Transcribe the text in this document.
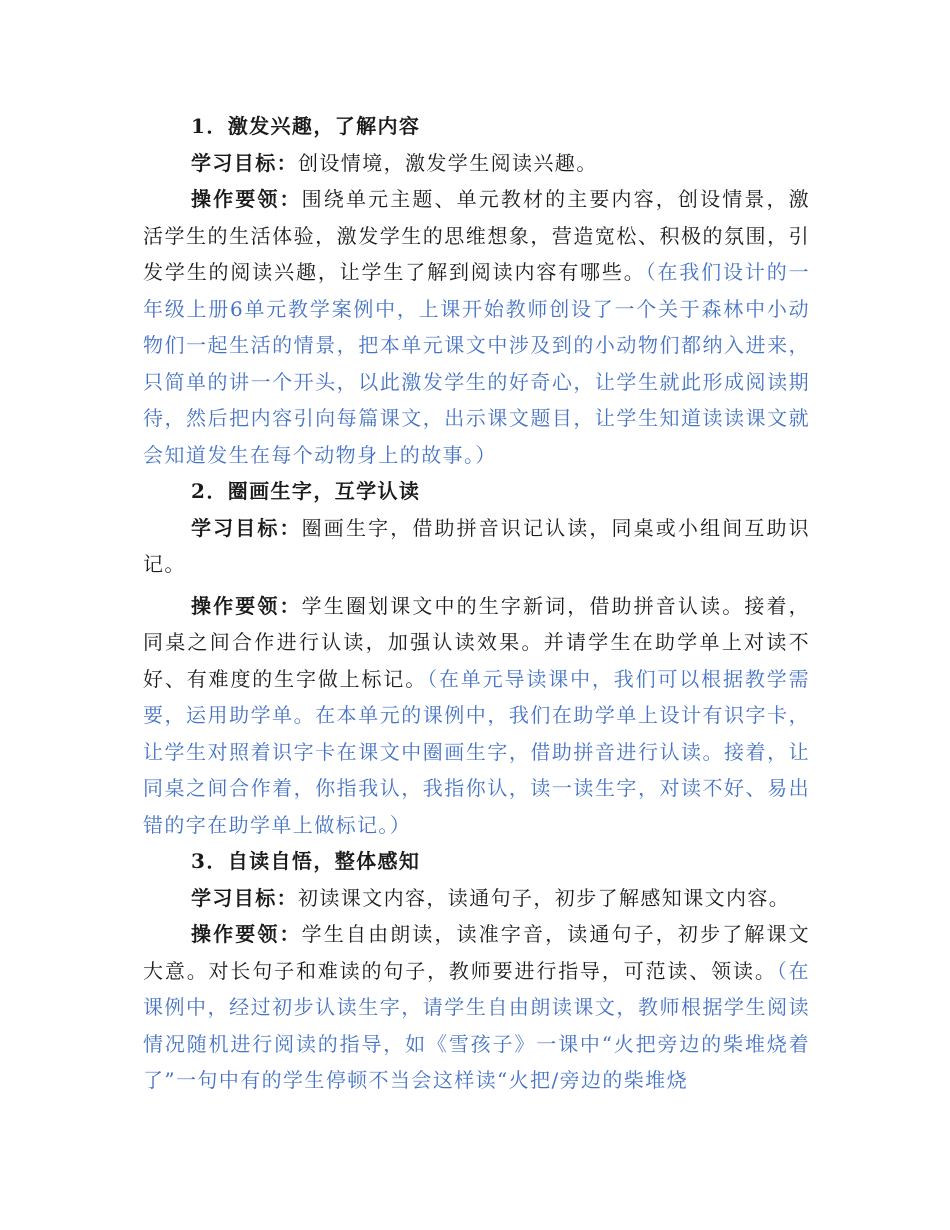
1．激发兴趣，了解内容

学习目标：创设情境，激发学生阅读兴趣。

操作要领：围绕单元主题、单元教材的主要内容，创设情景，激活学生的生活体验，激发学生的思维想象，营造宽松、积极的氛围，引发学生的阅读兴趣，让学生了解到阅读内容有哪些。（在我们设计的一年级上册6单元教学案例中，上课开始教师创设了一个关于森林中小动物们一起生活的情景，把本单元课文中涉及到的小动物们都纳入进来，只简单的讲一个开头，以此激发学生的好奇心，让学生就此形成阅读期待，然后把内容引向每篇课文，出示课文题目，让学生知道读读课文就会知道发生在每个动物身上的故事。）

2．圈画生字，互学认读

学习目标：圈画生字，借助拼音识记认读，同桌或小组间互助识记。

操作要领：学生圈划课文中的生字新词，借助拼音认读。接着，同桌之间合作进行认读，加强认读效果。并请学生在助学单上对读不好、有难度的生字做上标记。（在单元导读课中，我们可以根据教学需要，运用助学单。在本单元的课例中，我们在助学单上设计有识字卡，让学生对照着识字卡在课文中圈画生字，借助拼音进行认读。接着，让同桌之间合作着，你指我认，我指你认，读一读生字，对读不好、易出错的字在助学单上做标记。）

3．自读自悟，整体感知

学习目标：初读课文内容，读通句子，初步了解感知课文内容。

操作要领：学生自由朗读，读准字音，读通句子，初步了解课文大意。对长句子和难读的句子，教师要进行指导，可范读、领读。（在课例中，经过初步认读生字，请学生自由朗读课文，教师根据学生阅读情况随机进行阅读的指导，如《雪孩子》一课中“火把旁边的柴堆烧着了”一句中有的学生停顿不当会这样读“火把/旁边的柴堆烧
